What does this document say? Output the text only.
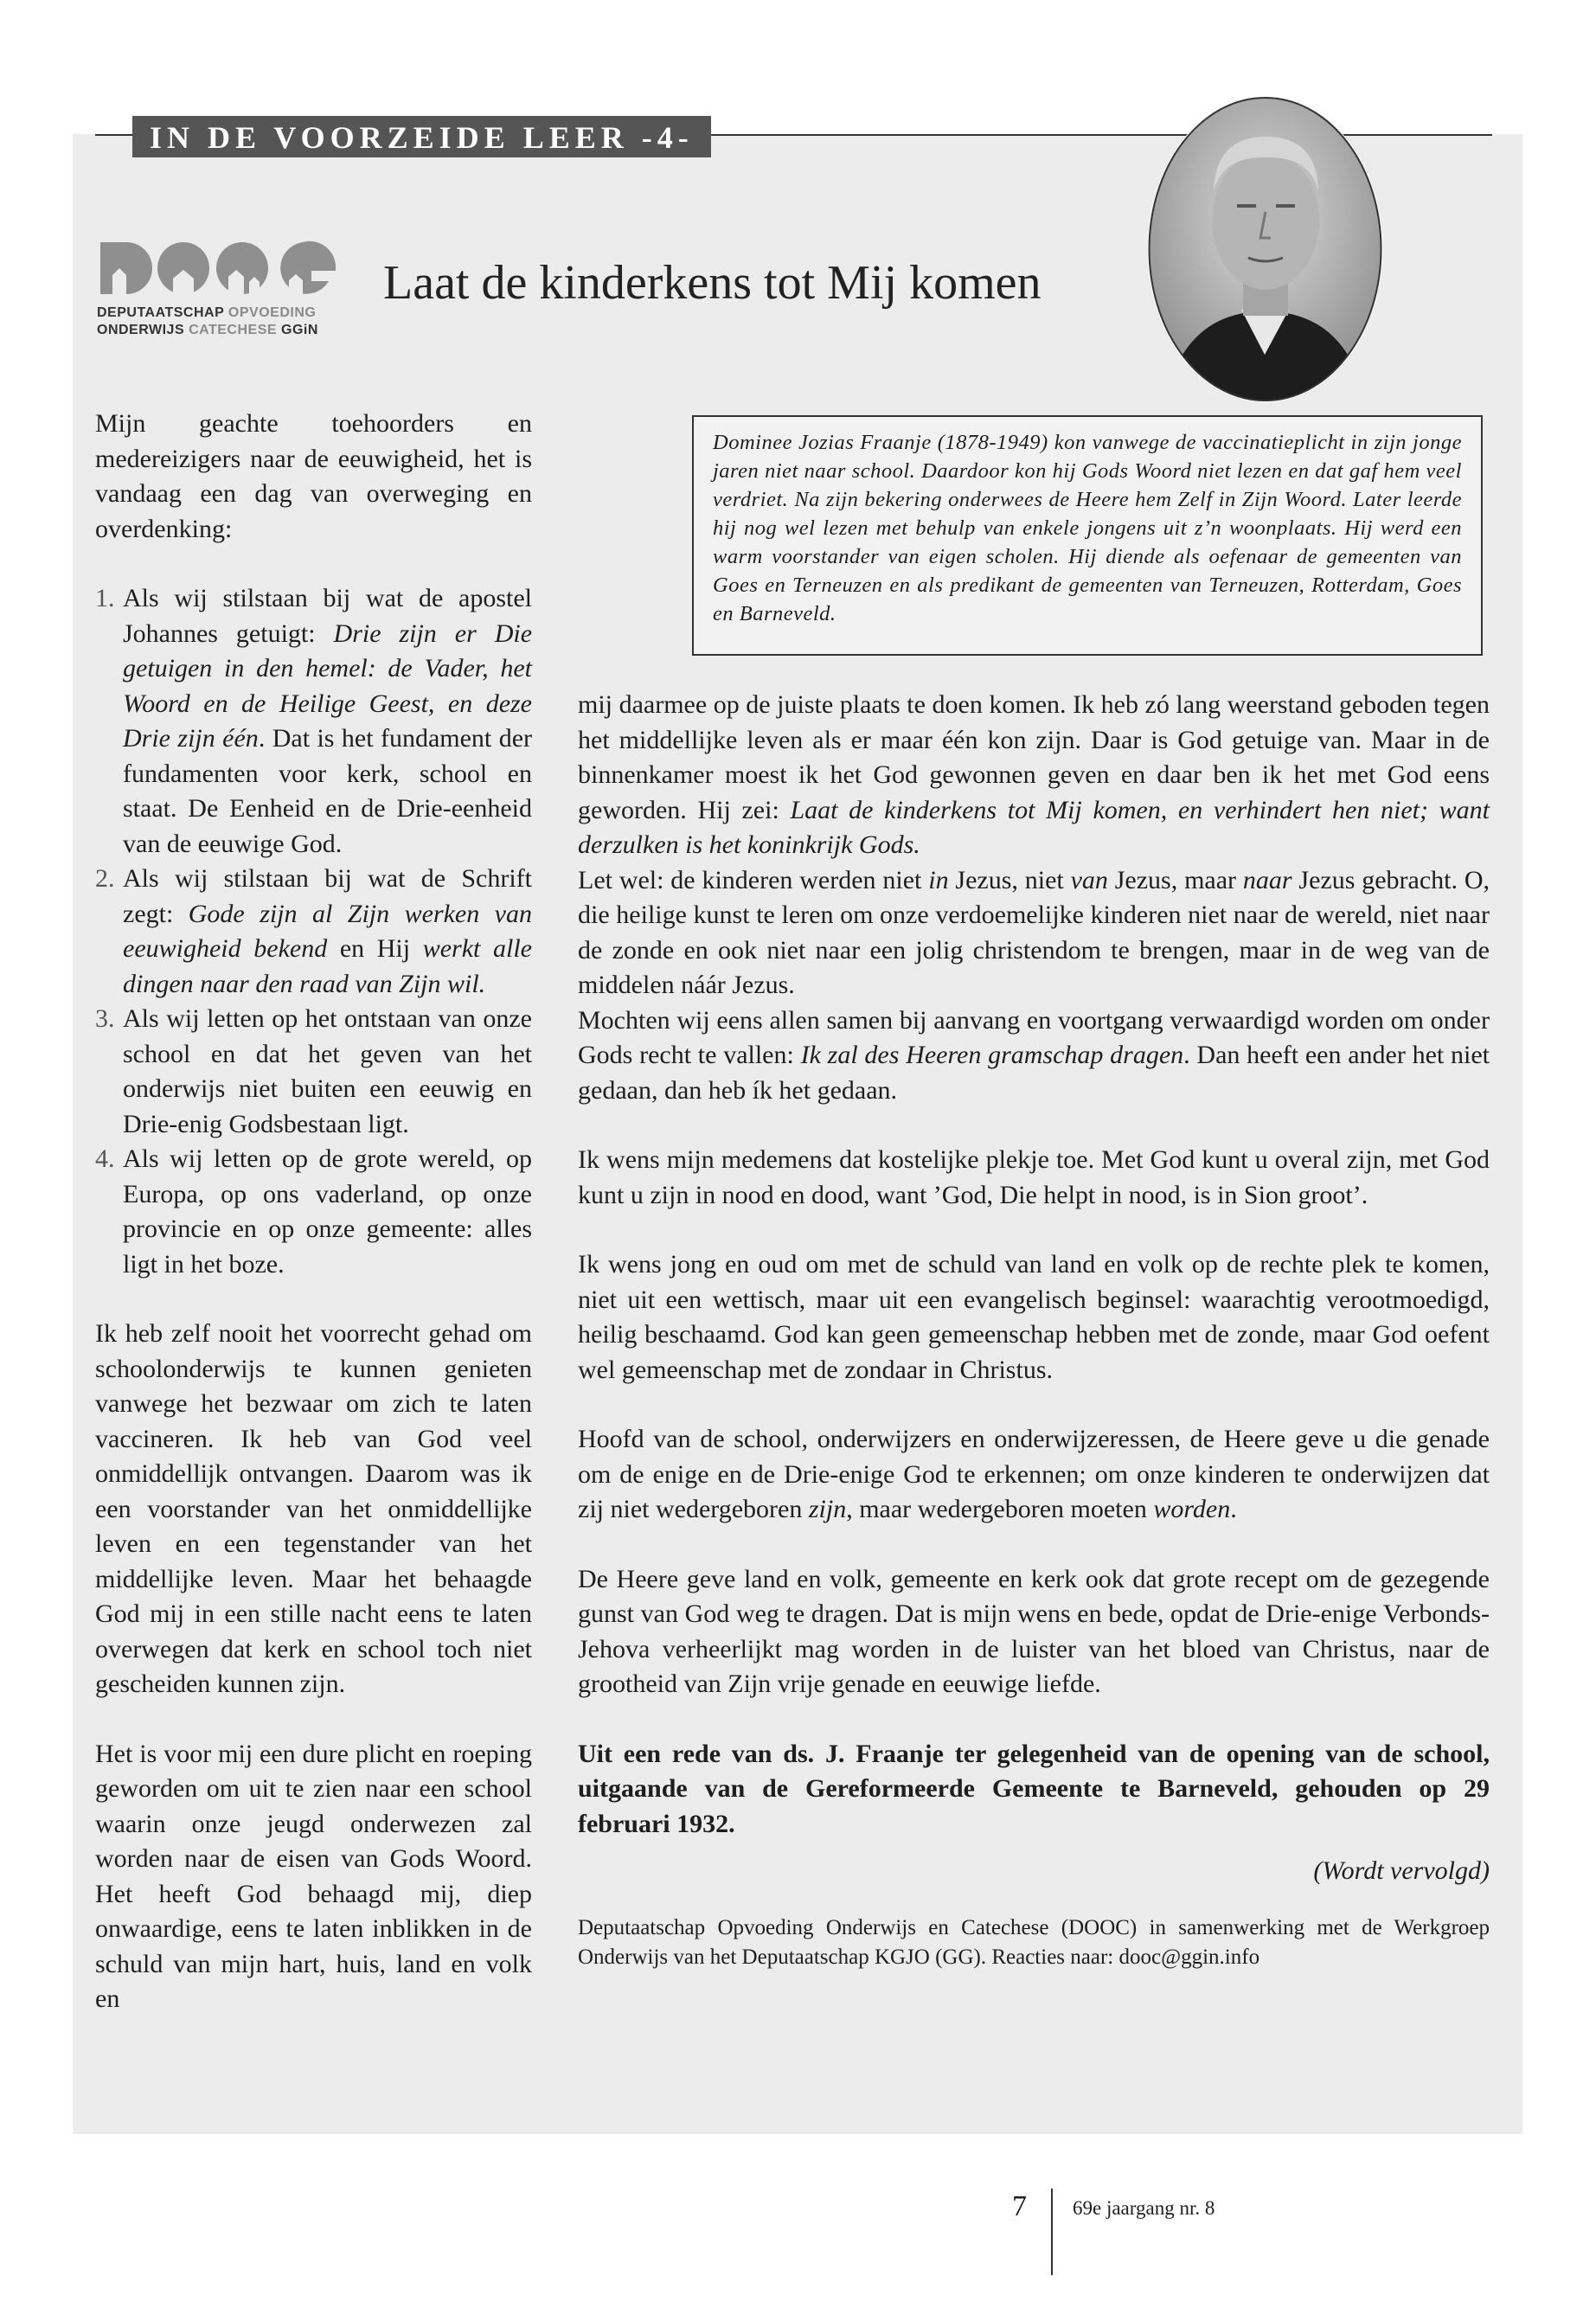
IN DE VOORZEIDE LEER -4-
DEPUTAATSCHAP OPVOEDING
ONDERWIJS CATECHESE GGiN
Laat de kinderkens tot Mij komen
Dominee Jozias Fraanje (1878-1949) kon vanwege de vaccinatieplicht in zijn jonge jaren niet naar school. Daardoor kon hij Gods Woord niet lezen en dat gaf hem veel verdriet. Na zijn bekering onderwees de Heere hem Zelf in Zijn Woord. Later leerde hij nog wel lezen met behulp van enkele jongens uit z’n woonplaats. Hij werd een warm voorstander van eigen scholen. Hij diende als oefenaar de gemeenten van Goes en Terneuzen en als predikant de gemeenten van Terneuzen, Rotterdam, Goes en Barneveld.

Mijn geachte toehoorders en medereizigers naar de eeuwigheid, het is vandaag een dag van overweging en overdenking:

1. Als wij stilstaan bij wat de apostel Johannes getuigt: Drie zijn er Die getuigen in den hemel: de Vader, het Woord en de Heilige Geest, en deze Drie zijn één. Dat is het fundament der fundamenten voor kerk, school en staat. De Eenheid en de Drie-eenheid van de eeuwige God.
2. Als wij stilstaan bij wat de Schrift zegt: Gode zijn al Zijn werken van eeuwigheid bekend en Hij werkt alle dingen naar den raad van Zijn wil.
3. Als wij letten op het ontstaan van onze school en dat het geven van het onderwijs niet buiten een eeuwig en Drie-enig Godsbestaan ligt.
4. Als wij letten op de grote wereld, op Europa, op ons vaderland, op onze provincie en op onze gemeente: alles ligt in het boze.

Ik heb zelf nooit het voorrecht gehad om schoolonderwijs te kunnen genieten vanwege het bezwaar om zich te laten vaccineren. Ik heb van God veel onmiddellijk ontvangen. Daarom was ik een voorstander van het onmiddellijke leven en een tegenstander van het middellijke leven. Maar het behaagde God mij in een stille nacht eens te laten overwegen dat kerk en school toch niet gescheiden kunnen zijn.

Het is voor mij een dure plicht en roeping geworden om uit te zien naar een school waarin onze jeugd onderwezen zal worden naar de eisen van Gods Woord. Het heeft God behaagd mij, diep onwaardige, eens te laten inblikken in de schuld van mijn hart, huis, land en volk en

mij daarmee op de juiste plaats te doen komen. Ik heb zó lang weerstand geboden tegen het middellijke leven als er maar één kon zijn. Daar is God getuige van. Maar in de binnenkamer moest ik het God gewonnen geven en daar ben ik het met God eens geworden. Hij zei: Laat de kinderkens tot Mij komen, en verhindert hen niet; want derzulken is het koninkrijk Gods.

Let wel: de kinderen werden niet in Jezus, niet van Jezus, maar naar Jezus gebracht. O, die heilige kunst te leren om onze verdoemelijke kinderen niet naar de wereld, niet naar de zonde en ook niet naar een jolig christendom te brengen, maar in de weg van de middelen náár Jezus.

Mochten wij eens allen samen bij aanvang en voortgang verwaardigd worden om onder Gods recht te vallen: Ik zal des Heeren gramschap dragen. Dan heeft een ander het niet gedaan, dan heb ík het gedaan.

Ik wens mijn medemens dat kostelijke plekje toe. Met God kunt u overal zijn, met God kunt u zijn in nood en dood, want ’God, Die helpt in nood, is in Sion groot’.

Ik wens jong en oud om met de schuld van land en volk op de rechte plek te komen, niet uit een wettisch, maar uit een evangelisch beginsel: waarachtig verootmoedigd, heilig beschaamd. God kan geen gemeenschap hebben met de zonde, maar God oefent wel gemeenschap met de zondaar in Christus.

Hoofd van de school, onderwijzers en onderwijzeressen, de Heere geve u die genade om de enige en de Drie-enige God te erkennen; om onze kinderen te onderwijzen dat zij niet wedergeboren zijn, maar wedergeboren moeten worden.

De Heere geve land en volk, gemeente en kerk ook dat grote recept om de gezegende gunst van God weg te dragen. Dat is mijn wens en bede, opdat de Drie-enige Verbonds-Jehova verheerlijkt mag worden in de luister van het bloed van Christus, naar de grootheid van Zijn vrije genade en eeuwige liefde.

Uit een rede van ds. J. Fraanje ter gelegenheid van de opening van de school, uitgaande van de Gereformeerde Gemeente te Barneveld, gehouden op 29 februari 1932.

(Wordt vervolgd)

Deputaatschap Opvoeding Onderwijs en Catechese (DOOC) in samenwerking met de Werkgroep Onderwijs van het Deputaatschap KGJO (GG). Reacties naar: dooc@ggin.info

7 69e jaargang nr. 8
